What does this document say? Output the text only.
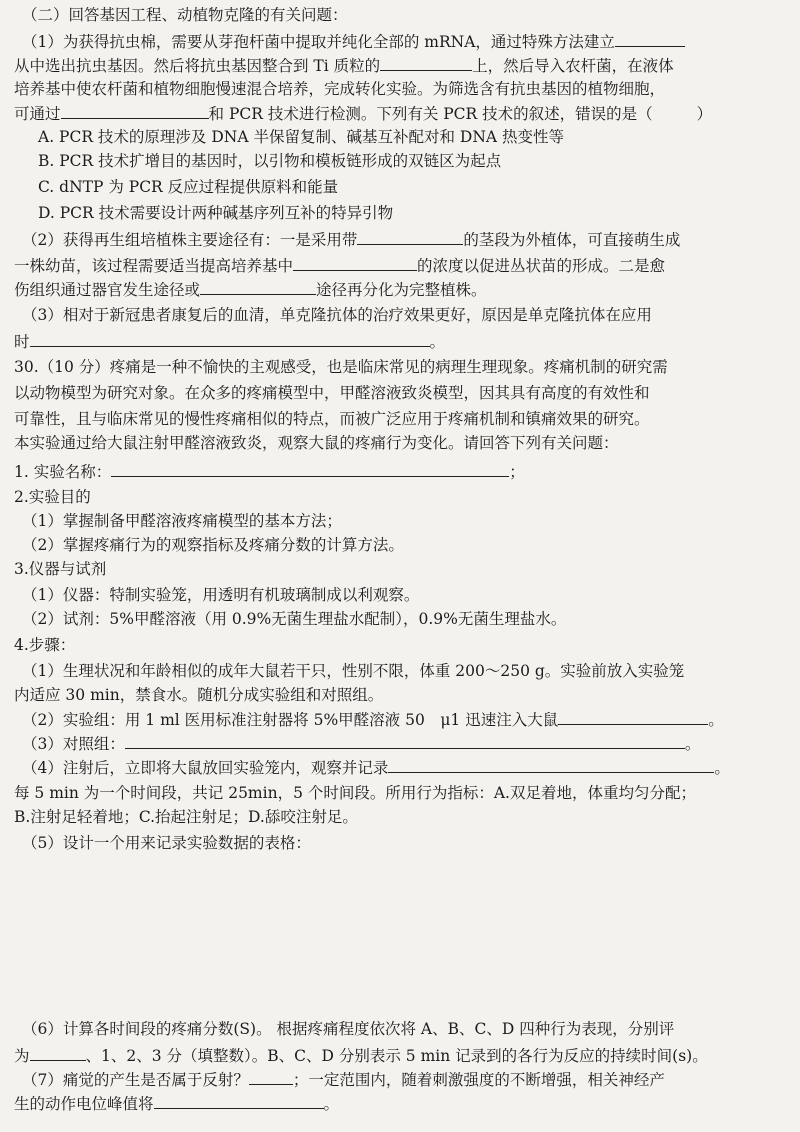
（二）回答基因工程、动植物克隆的有关问题：
（1）为获得抗虫棉，需要从芽孢杆菌中提取并纯化全部的 mRNA，通过特殊方法建立
从中选出抗虫基因。然后将抗虫基因整合到 Ti 质粒的	上，然后导入农杆菌，在液体
培养基中使农杆菌和植物细胞慢速混合培养，完成转化实验。为筛选含有抗虫基因的植物细胞，
可通过	和 PCR 技术进行检测。下列有关 PCR 技术的叙述，错误的是（	）
A. PCR 技术的原理涉及 DNA 半保留复制、碱基互补配对和 DNA 热变性等
B. PCR 技术扩增目的基因时，以引物和模板链形成的双链区为起点
C. dNTP 为 PCR 反应过程提供原料和能量
D. PCR 技术需要设计两种碱基序列互补的特异引物
（2）获得再生组培植株主要途径有：一是采用带	的茎段为外植体，可直接萌生成
一株幼苗，该过程需要适当提高培养基中	的浓度以促进丛状苗的形成。二是愈
伤组织通过器官发生途径或	途径再分化为完整植株。
（3）相对于新冠患者康复后的血清，单克隆抗体的治疗效果更好，原因是单克隆抗体在应用
时	。
30.（10 分）疼痛是一种不愉快的主观感受，也是临床常见的病理生理现象。疼痛机制的研究需
以动物模型为研究对象。在众多的疼痛模型中，甲醛溶液致炎模型，因其具有高度的有效性和
可靠性，且与临床常见的慢性疼痛相似的特点，而被广泛应用于疼痛机制和镇痛效果的研究。
本实验通过给大鼠注射甲醛溶液致炎，观察大鼠的疼痛行为变化。请回答下列有关问题：
1. 实验名称：	；
2.实验目的
（1）掌握制备甲醛溶液疼痛模型的基本方法；
（2）掌握疼痛行为的观察指标及疼痛分数的计算方法。
3.仪器与试剂
（1）仪器：特制实验笼，用透明有机玻璃制成以利观察。
（2）试剂：5%甲醛溶液（用 0.9%无菌生理盐水配制），0.9%无菌生理盐水。
4.步骤：
（1）生理状况和年龄相似的成年大鼠若干只，性别不限，体重 200～250 g。实验前放入实验笼
内适应 30 min，禁食水。随机分成实验组和对照组。
（2）实验组：用 1 ml 医用标准注射器将 5%甲醛溶液 50　μ1 迅速注入大鼠	。
（3）对照组：	。
（4）注射后，立即将大鼠放回实验笼内，观察并记录	。
每 5 min 为一个时间段，共记 25min，5 个时间段。所用行为指标：A.双足着地，体重均匀分配；
B.注射足轻着地；C.抬起注射足；D.舔咬注射足。
（5）设计一个用来记录实验数据的表格：
（6）计算各时间段的疼痛分数(S)。 根据疼痛程度依次将 A、B、C、D 四种行为表现，分别评
为	、1、2、3 分（填整数）。B、C、D 分别表示 5 min 记录到的各行为反应的持续时间(s)。
（7）痛觉的产生是否属于反射？	；一定范围内，随着刺激强度的不断增强，相关神经产
生的动作电位峰值将	。
